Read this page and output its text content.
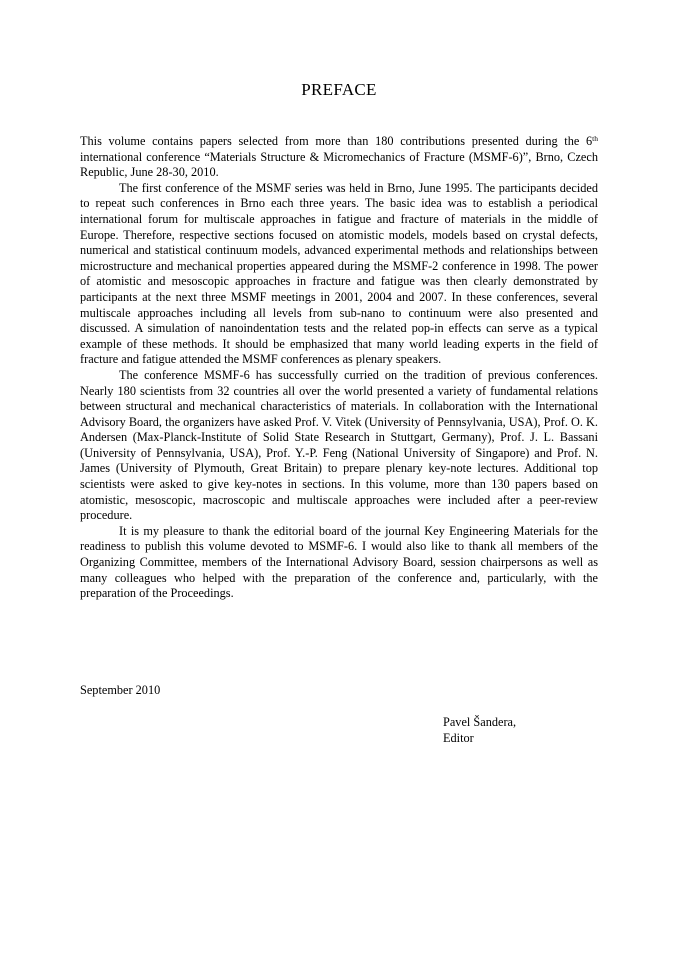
PREFACE

This volume contains papers selected from more than 180 contributions presented during the 6th international conference “Materials Structure & Micromechanics of Fracture (MSMF-6)”, Brno, Czech Republic, June 28-30, 2010.

The first conference of the MSMF series was held in Brno, June 1995. The participants decided to repeat such conferences in Brno each three years. The basic idea was to establish a periodical international forum for multiscale approaches in fatigue and fracture of materials in the middle of Europe. Therefore, respective sections focused on atomistic models, models based on crystal defects, numerical and statistical continuum models, advanced experimental methods and relationships between microstructure and mechanical properties appeared during the MSMF-2 conference in 1998. The power of atomistic and mesoscopic approaches in fracture and fatigue was then clearly demonstrated by participants at the next three MSMF meetings in 2001, 2004 and 2007. In these conferences, several multiscale approaches including all levels from sub-nano to continuum were also presented and discussed. A simulation of nanoindentation tests and the related pop-in effects can serve as a typical example of these methods. It should be emphasized that many world leading experts in the field of fracture and fatigue attended the MSMF conferences as plenary speakers.

The conference MSMF-6 has successfully curried on the tradition of previous conferences. Nearly 180 scientists from 32 countries all over the world presented a variety of fundamental relations between structural and mechanical characteristics of materials. In collaboration with the International Advisory Board, the organizers have asked Prof. V. Vitek (University of Pennsylvania, USA), Prof. O. K. Andersen (Max-Planck-Institute of Solid State Research in Stuttgart, Germany), Prof. J. L. Bassani (University of Pennsylvania, USA), Prof. Y.-P. Feng (National University of Singapore) and Prof. N. James (University of Plymouth, Great Britain) to prepare plenary key-note lectures. Additional top scientists were asked to give key-notes in sections. In this volume, more than 130 papers based on atomistic, mesoscopic, macroscopic and multiscale approaches were included after a peer-review procedure.

It is my pleasure to thank the editorial board of the journal Key Engineering Materials for the readiness to publish this volume devoted to MSMF-6. I would also like to thank all members of the Organizing Committee, members of the International Advisory Board, session chairpersons as well as many colleagues who helped with the preparation of the conference and, particularly, with the preparation of the Proceedings.

September 2010
Pavel Šandera,
Editor
